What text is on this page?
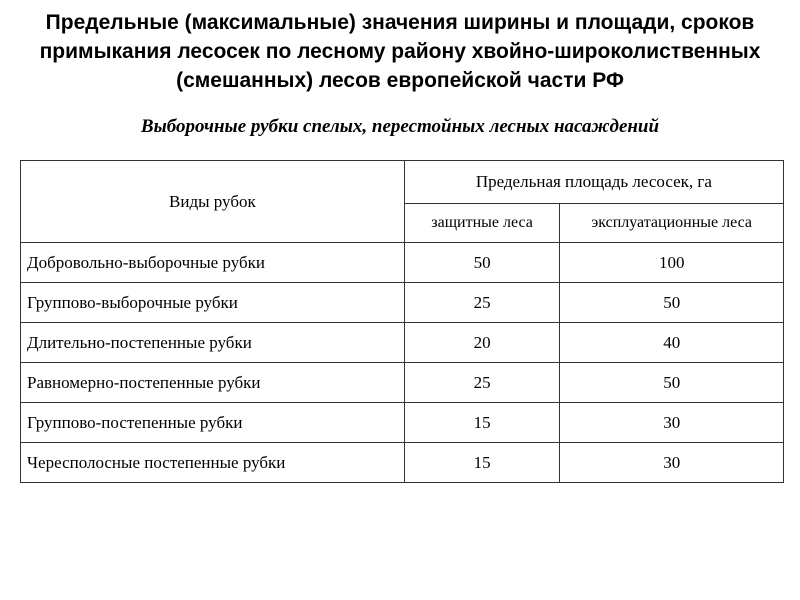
Предельные (максимальные) значения ширины и площади, сроков примыкания лесосек по лесному району хвойно-широколиственных (смешанных) лесов европейской части РФ
Выборочные рубки спелых, перестойных лесных насаждений
Виды рубок	Предельная площадь лесосек, га	
	защитные леса	эксплуатационные леса
Добровольно-выборочные рубки	50	100
Группово-выборочные рубки	25	50
Длительно-постепенные рубки	20	40
Равномерно-постепенные рубки	25	50
Группово-постепенные рубки	15	30
Чересполосные постепенные рубки	15	30
